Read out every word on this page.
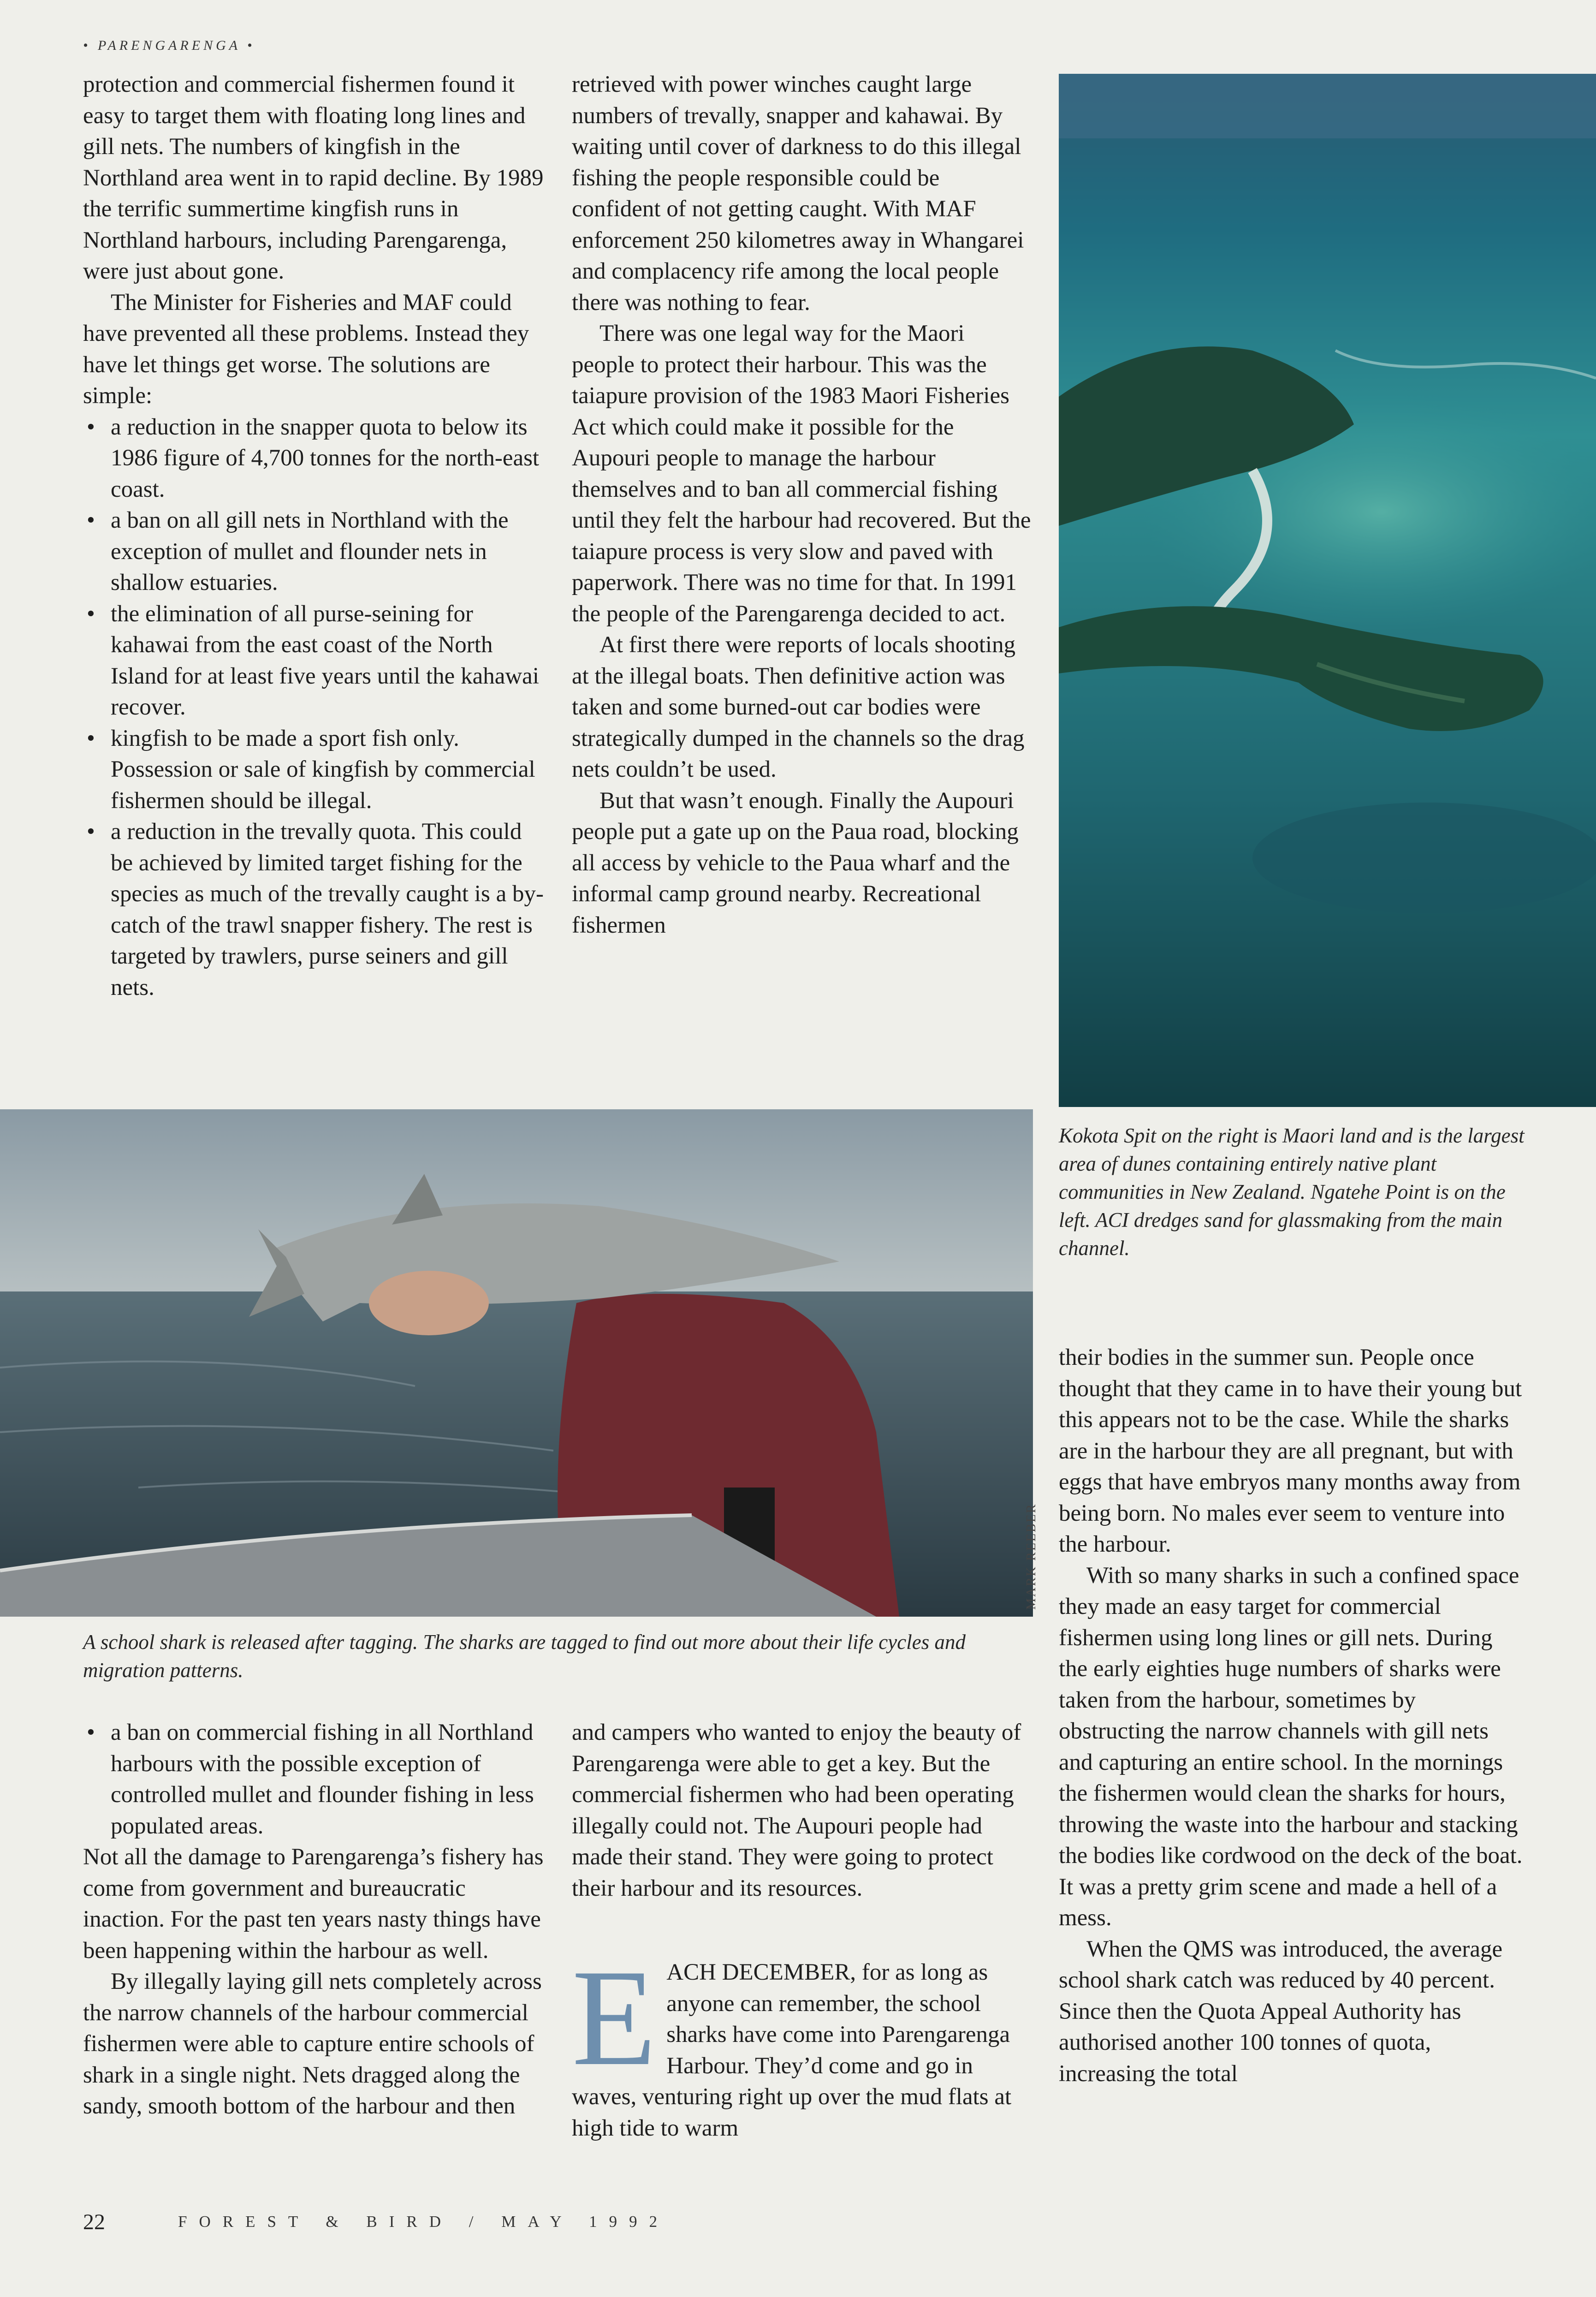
• PARENGARENGA •

protection and commercial fishermen found it easy to target them with floating long lines and gill nets. The numbers of kingfish in the Northland area went in to rapid decline. By 1989 the terrific summertime kingfish runs in Northland harbours, including Parengarenga, were just about gone.

The Minister for Fisheries and MAF could have prevented all these problems. Instead they have let things get worse. The solutions are simple:

• a reduction in the snapper quota to below its 1986 figure of 4,700 tonnes for the north-east coast.
• a ban on all gill nets in Northland with the exception of mullet and flounder nets in shallow estuaries.
• the elimination of all purse-seining for kahawai from the east coast of the North Island for at least five years until the kahawai recover.
• kingfish to be made a sport fish only. Possession or sale of kingfish by commercial fishermen should be illegal.
• a reduction in the trevally quota. This could be achieved by limited target fishing for the species as much of the trevally caught is a by-catch of the trawl snapper fishery. The rest is targeted by trawlers, purse seiners and gill nets.

retrieved with power winches caught large numbers of trevally, snapper and kahawai. By waiting until cover of darkness to do this illegal fishing the people responsible could be confident of not getting caught. With MAF enforcement 250 kilometres away in Whangarei and complacency rife among the local people there was nothing to fear.

There was one legal way for the Maori people to protect their harbour. This was the taiapure provision of the 1983 Maori Fisheries Act which could make it possible for the Aupouri people to manage the harbour themselves and to ban all commercial fishing until they felt the harbour had recovered. But the taiapure process is very slow and paved with paperwork. There was no time for that. In 1991 the people of the Parengarenga decided to act.

At first there were reports of locals shooting at the illegal boats. Then definitive action was taken and some burned-out car bodies were strategically dumped in the channels so the drag nets couldn’t be used.

But that wasn’t enough. Finally the Aupouri people put a gate up on the Paua road, blocking all access by vehicle to the Paua wharf and the informal camp ground nearby. Recreational fishermen

Kokota Spit on the right is Maori land and is the largest area of dunes containing entirely native plant communities in New Zealand. Ngatehe Point is on the left. ACI dredges sand for glassmaking from the main channel.
MARK REEBER
A school shark is released after tagging. The sharks are tagged to find out more about their life cycles and migration patterns.

their bodies in the summer sun. People once thought that they came in to have their young but this appears not to be the case. While the sharks are in the harbour they are all pregnant, but with eggs that have embryos many months away from being born. No males ever seem to venture into the harbour.

With so many sharks in such a confined space they made an easy target for commercial fishermen using long lines or gill nets. During the early eighties huge numbers of sharks were taken from the harbour, sometimes by obstructing the narrow channels with gill nets and capturing an entire school. In the mornings the fishermen would clean the sharks for hours, throwing the waste into the harbour and stacking the bodies like cordwood on the deck of the boat. It was a pretty grim scene and made a hell of a mess.

When the QMS was introduced, the average school shark catch was reduced by 40 percent. Since then the Quota Appeal Authority has authorised another 100 tonnes of quota, increasing the total

• a ban on commercial fishing in all Northland harbours with the possible exception of controlled mullet and flounder fishing in less populated areas.

Not all the damage to Parengarenga’s fishery has come from government and bureaucratic inaction. For the past ten years nasty things have been happening within the harbour as well.

By illegally laying gill nets completely across the narrow channels of the harbour commercial fishermen were able to capture entire schools of shark in a single night. Nets dragged along the sandy, smooth bottom of the harbour and then

and campers who wanted to enjoy the beauty of Parengarenga were able to get a key. But the commercial fishermen who had been operating illegally could not. The Aupouri people had made their stand. They were going to protect their harbour and its resources.

EACH DECEMBER, for as long as anyone can remember, the school sharks have come into Parengarenga Harbour. They’d come and go in waves, venturing right up over the mud flats at high tide to warm

22	FOREST & BIRD / MAY 1992
